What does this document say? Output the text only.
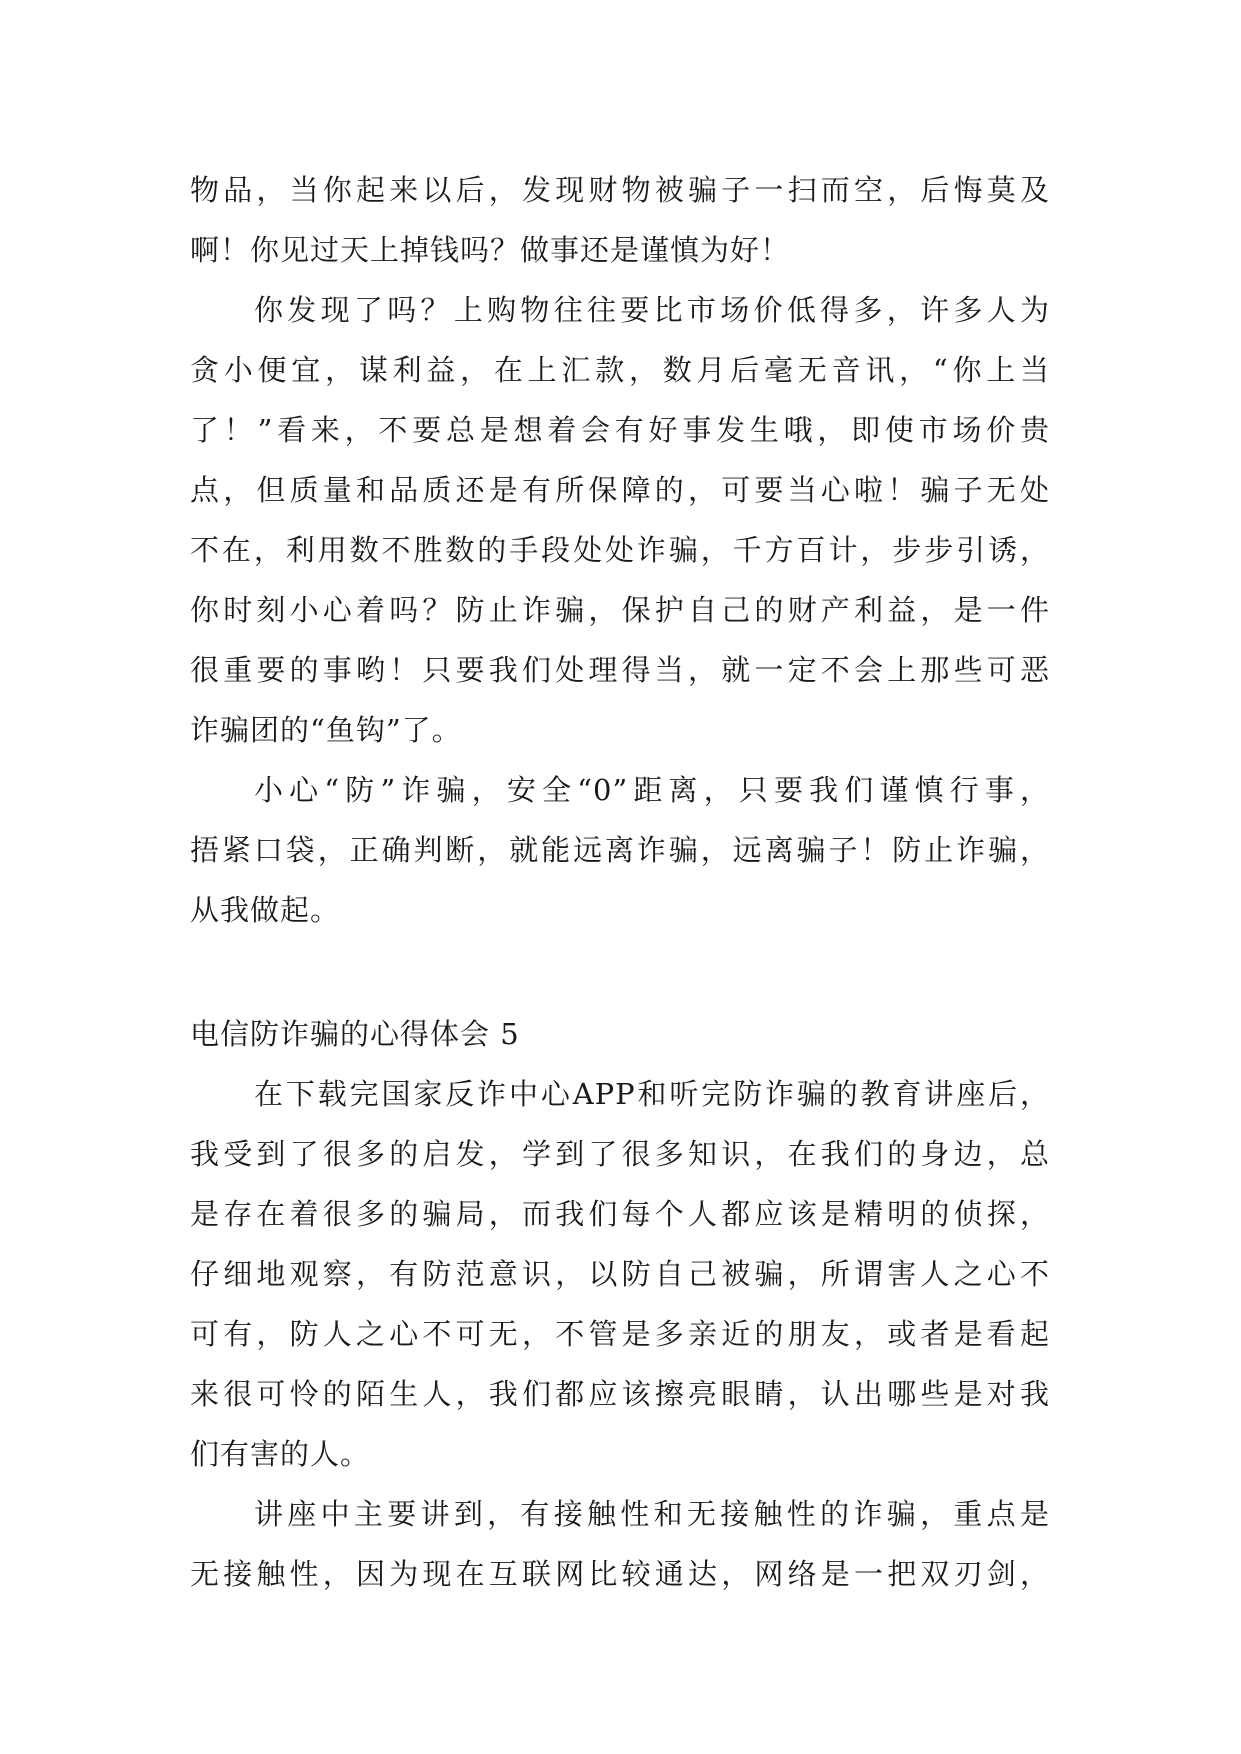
物品，当你起来以后，发现财物被骗子一扫而空，后悔莫及
啊！你见过天上掉钱吗？做事还是谨慎为好！
你发现了吗？上购物往往要比市场价低得多，许多人为
贪小便宜，谋利益，在上汇款，数月后毫无音讯，“你上当
了！”看来，不要总是想着会有好事发生哦，即使市场价贵
点，但质量和品质还是有所保障的，可要当心啦！骗子无处
不在，利用数不胜数的手段处处诈骗，千方百计，步步引诱，
你时刻小心着吗？防止诈骗，保护自己的财产利益，是一件
很重要的事哟！只要我们处理得当，就一定不会上那些可恶
诈骗团的“鱼钩”了。
小心“防”诈骗，安全“0”距离，只要我们谨慎行事，
捂紧口袋，正确判断，就能远离诈骗，远离骗子！防止诈骗，
从我做起。
电信防诈骗的心得体会 5
在下载完国家反诈中心APP和听完防诈骗的教育讲座后，
我受到了很多的启发，学到了很多知识，在我们的身边，总
是存在着很多的骗局，而我们每个人都应该是精明的侦探，
仔细地观察，有防范意识，以防自己被骗，所谓害人之心不
可有，防人之心不可无，不管是多亲近的朋友，或者是看起
来很可怜的陌生人，我们都应该擦亮眼睛，认出哪些是对我
们有害的人。
讲座中主要讲到，有接触性和无接触性的诈骗，重点是
无接触性，因为现在互联网比较通达，网络是一把双刃剑，
